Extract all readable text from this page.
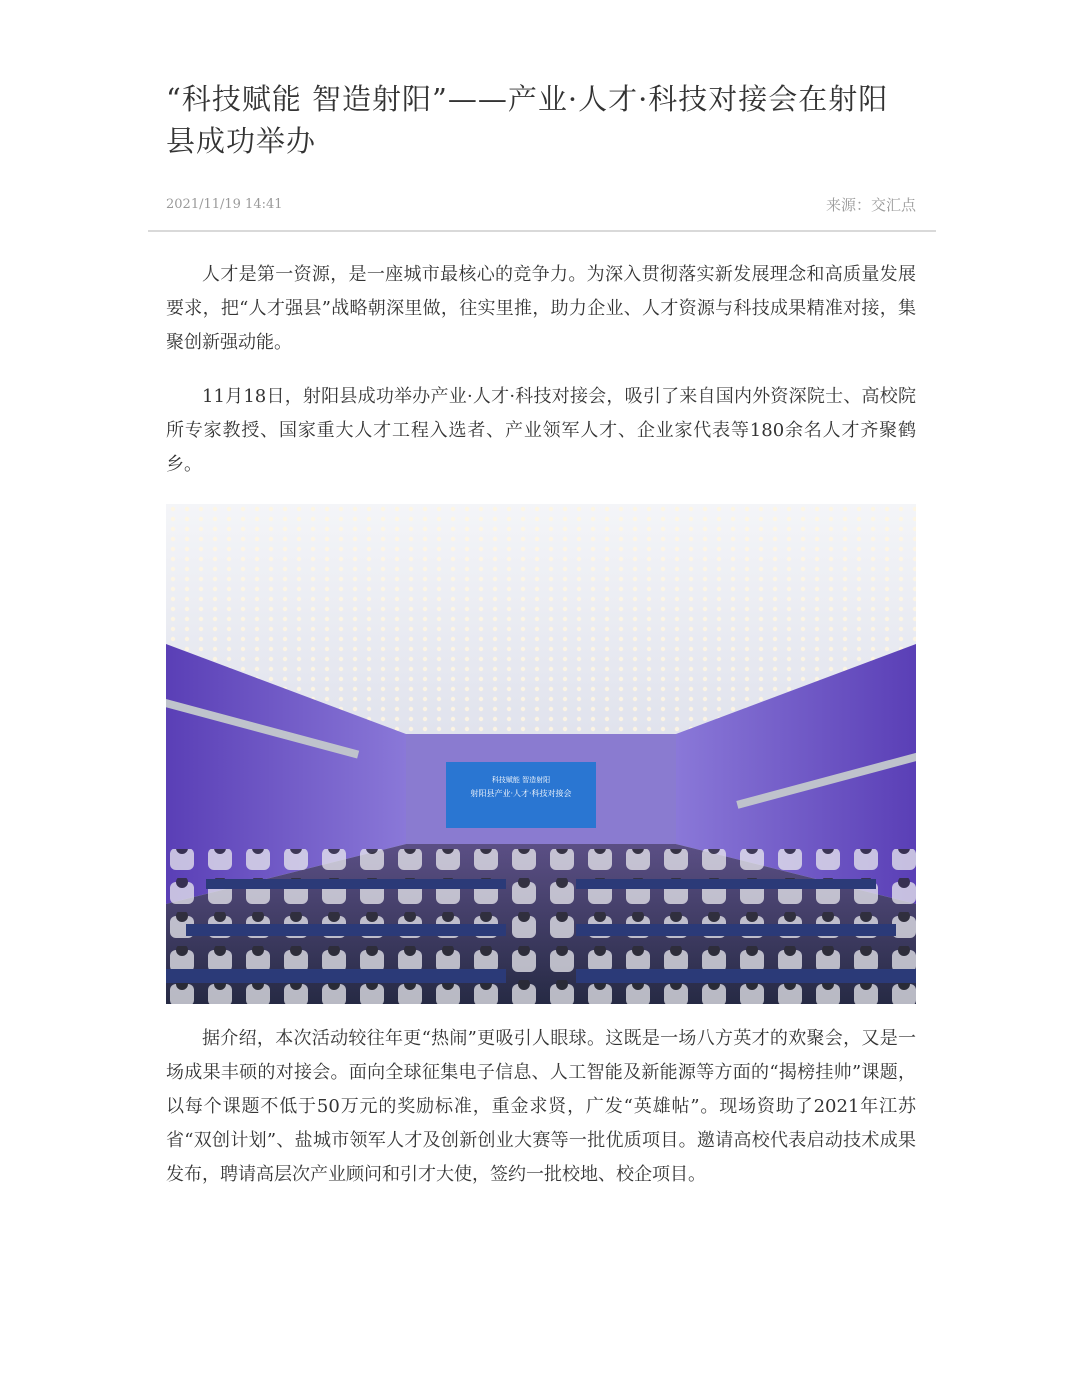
“科技赋能 智造射阳”——产业·人才·科技对接会在射阳县成功举办
2021/11/19 14:41	来源：交汇点

人才是第一资源，是一座城市最核心的竞争力。为深入贯彻落实新发展理念和高质量发展要求，把“人才强县”战略朝深里做，往实里推，助力企业、人才资源与科技成果精准对接，集聚创新强动能。

11月18日，射阳县成功举办产业·人才·科技对接会，吸引了来自国内外资深院士、高校院所专家教授、国家重大人才工程入选者、产业领军人才、企业家代表等180余名人才齐聚鹤乡。

科技赋能 智造射阳
射阳县产业·人才·科技对接会

据介绍，本次活动较往年更“热闹”更吸引人眼球。这既是一场八方英才的欢聚会，又是一场成果丰硕的对接会。面向全球征集电子信息、人工智能及新能源等方面的“揭榜挂帅”课题，以每个课题不低于50万元的奖励标准，重金求贤，广发“英雄帖”。现场资助了2021年江苏省“双创计划”、盐城市领军人才及创新创业大赛等一批优质项目。邀请高校代表启动技术成果发布，聘请高层次产业顾问和引才大使，签约一批校地、校企项目。
